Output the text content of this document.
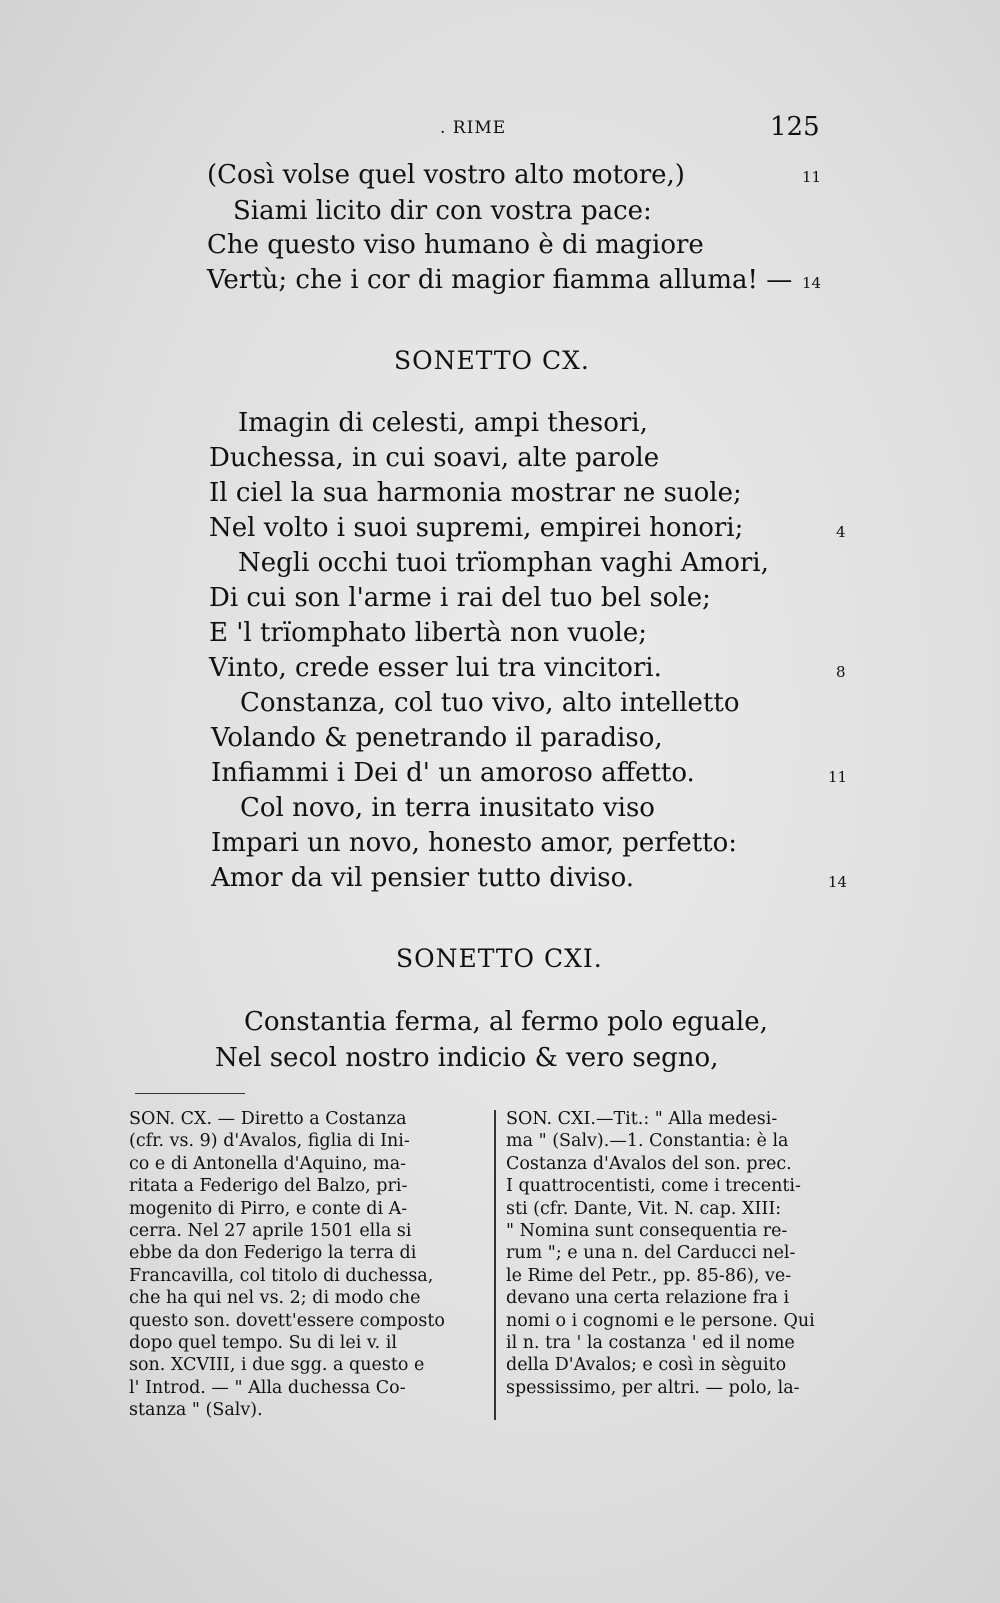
. RIME	125
(Così volse quel vostro alto motore,)	11
Siami licito dir con vostra pace:
Che questo viso humano è di magiore
Vertù; che i cor di magior fiamma alluma! — 14
SONETTO CX.
Imagin di celesti, ampi thesori,
Duchessa, in cui soavi, alte parole
Il ciel la sua harmonia mostrar ne suole;
Nel volto i suoi supremi, empirei honori;	4
Negli occhi tuoi trïomphan vaghi Amori,
Di cui son l'arme i rai del tuo bel sole;
E 'l trïomphato libertà non vuole;
Vinto, crede esser lui tra vincitori.	8
Constanza, col tuo vivo, alto intelletto
Volando & penetrando il paradiso,
Infiammi i Dei d' un amoroso affetto.	11
Col novo, in terra inusitato viso
Impari un novo, honesto amor, perfetto:
Amor da vil pensier tutto diviso.	14
SONETTO CXI.
Constantia ferma, al fermo polo eguale,
Nel secol nostro indicio & vero segno,
SON. CX. — Diretto a Costanza
(cfr. vs. 9) d'Avalos, figlia di Ini-
co e di Antonella d'Aquino, ma-
ritata a Federigo del Balzo, pri-
mogenito di Pirro, e conte di A-
cerra. Nel 27 aprile 1501 ella si
ebbe da don Federigo la terra di
Francavilla, col titolo di duchessa,
che ha qui nel vs. 2; di modo che
questo son. dovett'essere composto
dopo quel tempo. Su di lei v. il
son. XCVIII, i due sgg. a questo e
l' Introd. — " Alla duchessa Co-
stanza " (Salv).
SON. CXI.—Tit.: " Alla medesi-
ma " (Salv).—1. Constantia: è la
Costanza d'Avalos del son. prec.
I quattrocentisti, come i trecenti-
sti (cfr. Dante, Vit. N. cap. XIII:
" Nomina sunt consequentia re-
rum "; e una n. del Carducci nel-
le Rime del Petr., pp. 85-86), ve-
devano una certa relazione fra i
nomi o i cognomi e le persone. Qui
il n. tra ' la costanza ' ed il nome
della D'Avalos; e così in sèguito
spessissimo, per altri. — polo, la-
